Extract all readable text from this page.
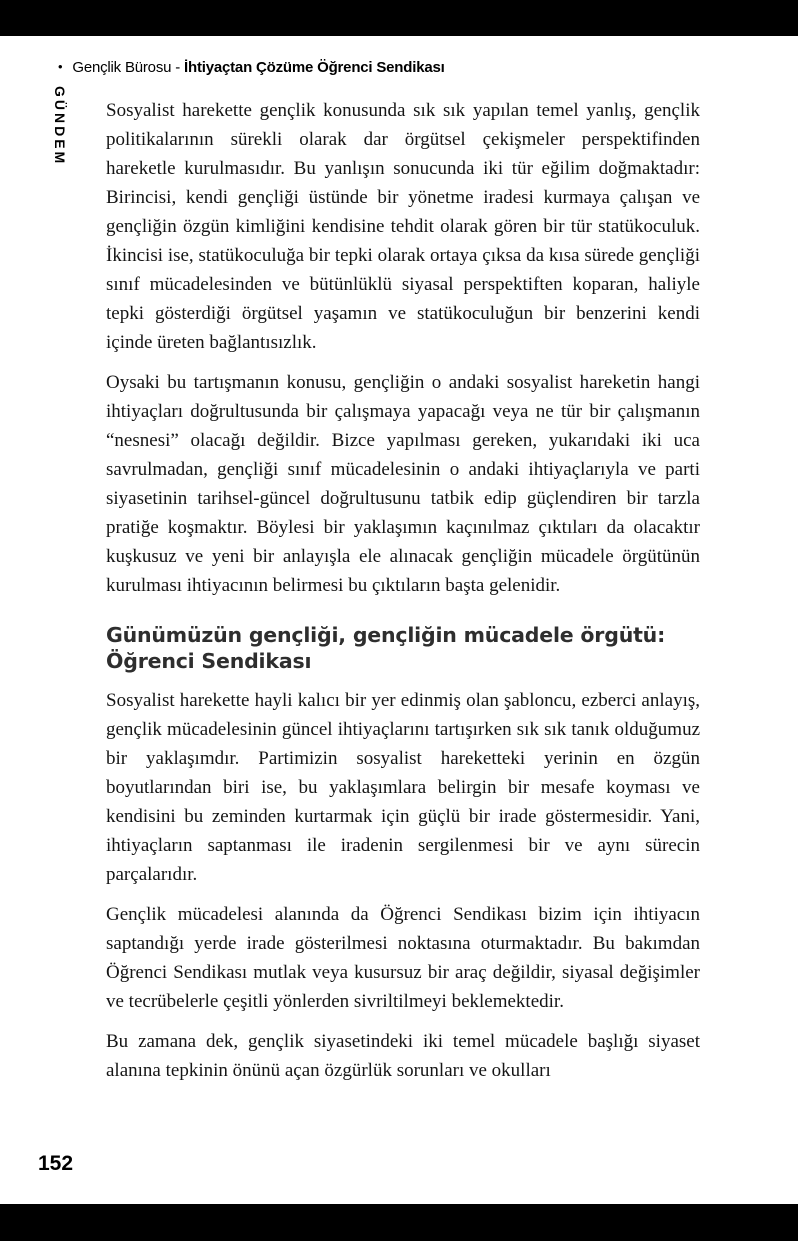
• Gençlik Bürosu - İhtiyaçtan Çözüme Öğrenci Sendikası
GÜNDEM Sosyalist harekette gençlik konusunda sık sık yapılan temel yanlış, gençlik politikalarının sürekli olarak dar örgütsel çekişmeler perspektifinden hareketle kurulmasıdır. Bu yanlışın sonucunda iki tür eğilim doğmaktadır: Birincisi, kendi gençliği üstünde bir yönetme iradesi kurmaya çalışan ve gençliğin özgün kimliğini kendisine tehdit olarak gören bir tür statükoculuk. İkincisi ise, statükoculuğa bir tepki olarak ortaya çıksa da kısa sürede gençliği sınıf mücadelesinden ve bütünlüklü siyasal perspektiften koparan, haliyle tepki gösterdiği örgütsel yaşamın ve statükoculuğun bir benzerini kendi içinde üreten bağlantısızlık.

Oysaki bu tartışmanın konusu, gençliğin o andaki sosyalist hareketin hangi ihtiyaçları doğrultusunda bir çalışmaya yapacağı veya ne tür bir çalışmanın “nesnesi” olacağı değildir. Bizce yapılması gereken, yukarıdaki iki uca savrulmadan, gençliği sınıf mücadelesinin o andaki ihtiyaçlarıyla ve parti siyasetinin tarihsel-güncel doğrultusunu tatbik edip güçlendiren bir tarzla pratiğe koşmaktır. Böylesi bir yaklaşımın kaçınılmaz çıktıları da olacaktır kuşkusuz ve yeni bir anlayışla ele alınacak gençliğin mücadele örgütünün kurulması ihtiyacının belirmesi bu çıktıların başta gelenidir.

Günümüzün gençliği, gençliğin mücadele örgütü: Öğrenci Sendikası

Sosyalist harekette hayli kalıcı bir yer edinmiş olan şabloncu, ezberci anlayış, gençlik mücadelesinin güncel ihtiyaçlarını tartışırken sık sık tanık olduğumuz bir yaklaşımdır. Partimizin sosyalist hareketteki yerinin en özgün boyutlarından biri ise, bu yaklaşımlara belirgin bir mesafe koyması ve kendisini bu zeminden kurtarmak için güçlü bir irade göstermesidir. Yani, ihtiyaçların saptanması ile iradenin sergilenmesi bir ve aynı sürecin parçalarıdır.

Gençlik mücadelesi alanında da Öğrenci Sendikası bizim için ihtiyacın saptandığı yerde irade gösterilmesi noktasına oturmaktadır. Bu bakımdan Öğrenci Sendikası mutlak veya kusursuz bir araç değildir, siyasal değişimler ve tecrübelerle çeşitli yönlerden sivriltilmeyi beklemektedir.

Bu zamana dek, gençlik siyasetindeki iki temel mücadele başlığı siyaset alanına tepkinin önünü açan özgürlük sorunları ve okulları

152
